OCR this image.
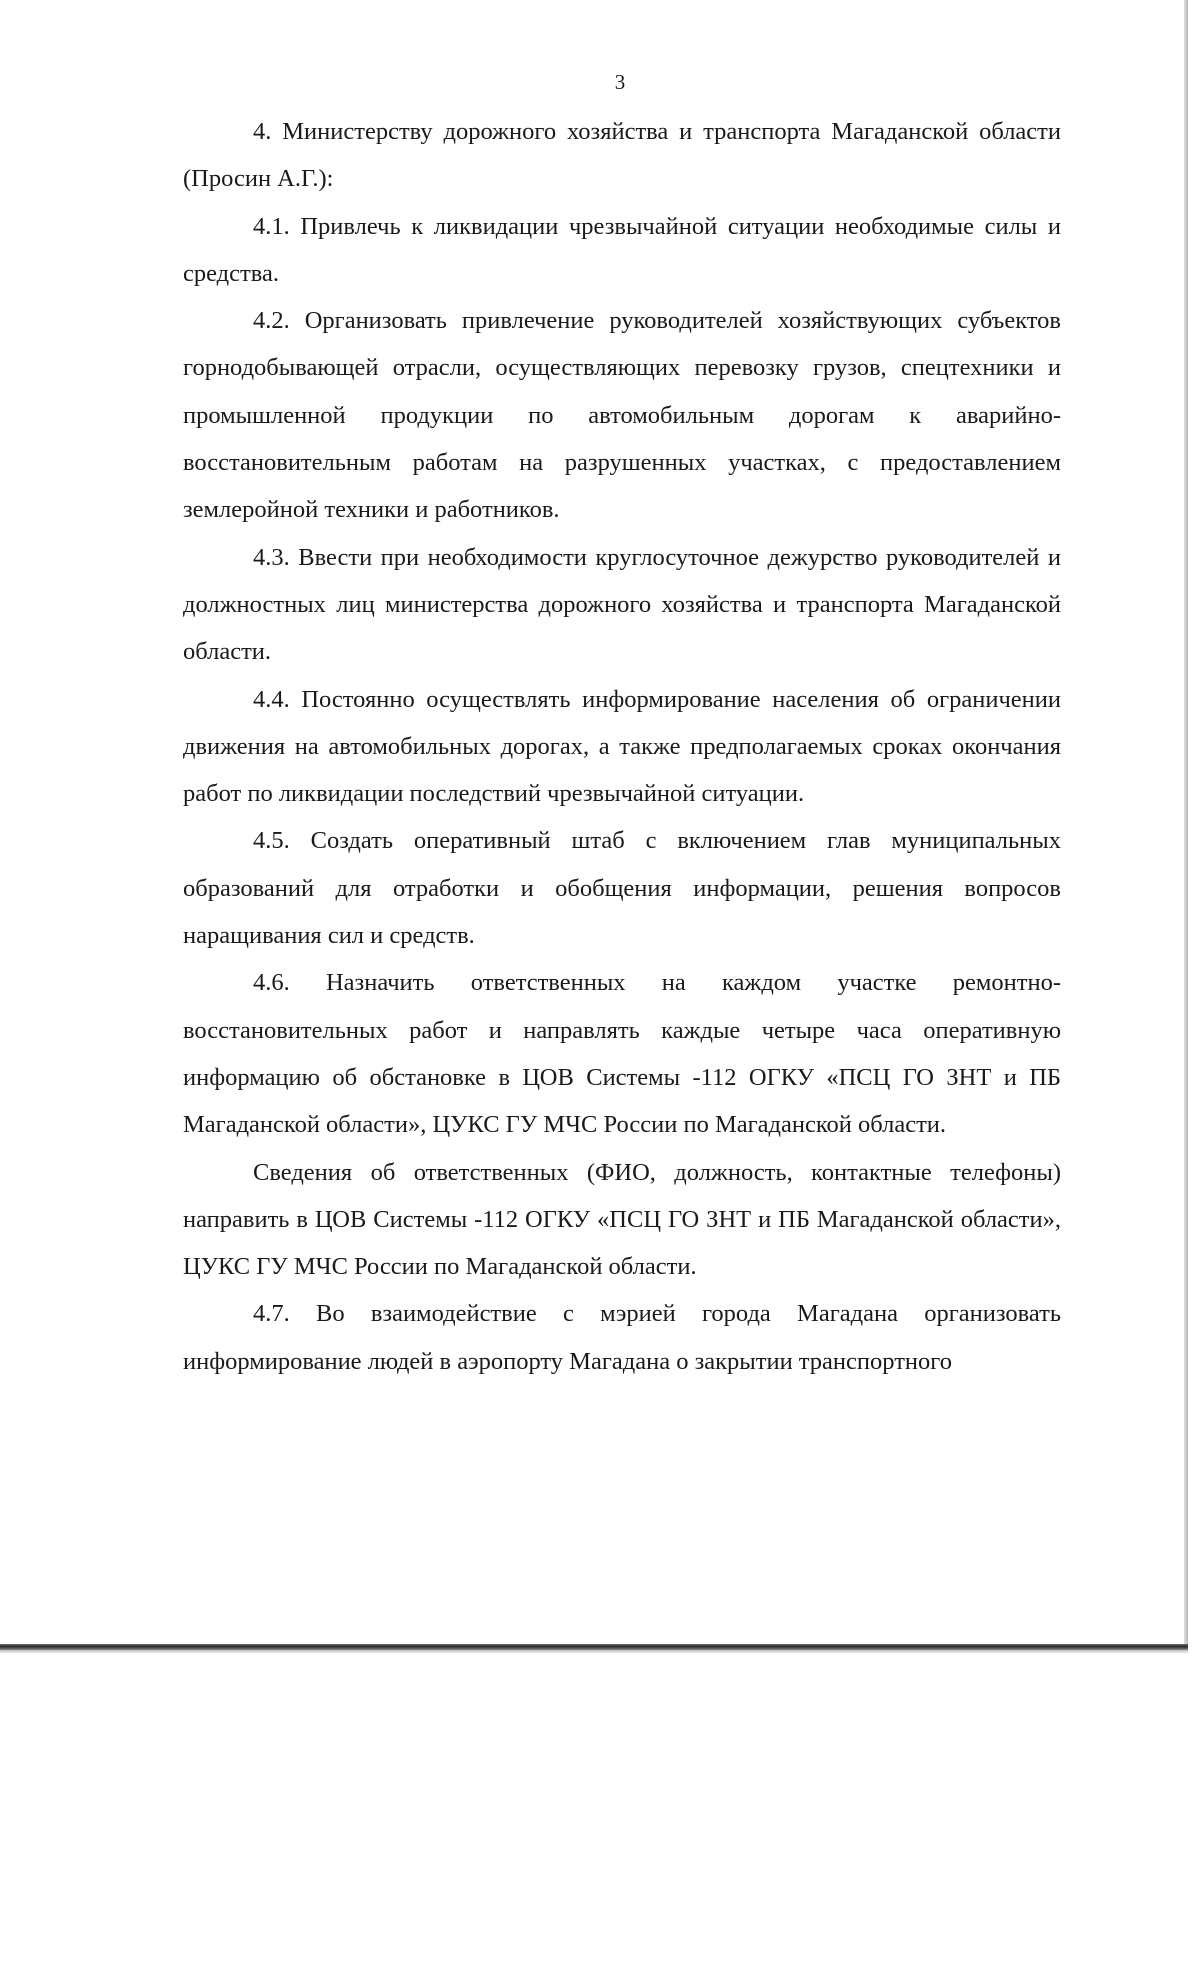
3

4. Министерству дорожного хозяйства и транспорта Магаданской области (Просин А.Г.):

4.1. Привлечь к ликвидации чрезвычайной ситуации необходимые силы и средства.

4.2. Организовать привлечение руководителей хозяйствующих субъектов горнодобывающей отрасли, осуществляющих перевозку грузов, спецтехники и промышленной продукции по автомобильным дорогам к аварийно-восстановительным работам на разрушенных участках, с предоставлением землеройной техники и работников.

4.3. Ввести при необходимости круглосуточное дежурство руководителей и должностных лиц министерства дорожного хозяйства и транспорта Магаданской области.

4.4. Постоянно осуществлять информирование населения об ограничении движения на автомобильных дорогах, а также предполагаемых сроках окончания работ по ликвидации последствий чрезвычайной ситуации.

4.5. Создать оперативный штаб с включением глав муниципальных образований для отработки и обобщения информации, решения вопросов наращивания сил и средств.

4.6. Назначить ответственных на каждом участке ремонтно-восстановительных работ и направлять каждые четыре часа оперативную информацию об обстановке в ЦОВ Системы -112 ОГКУ «ПСЦ ГО ЗНТ и ПБ Магаданской области», ЦУКС ГУ МЧС России по Магаданской области.

Сведения об ответственных (ФИО, должность, контактные телефоны) направить в ЦОВ Системы -112 ОГКУ «ПСЦ ГО ЗНТ и ПБ Магаданской области», ЦУКС ГУ МЧС России по Магаданской области.

4.7. Во взаимодействие с мэрией города Магадана организовать информирование людей в аэропорту Магадана о закрытии транспортного
